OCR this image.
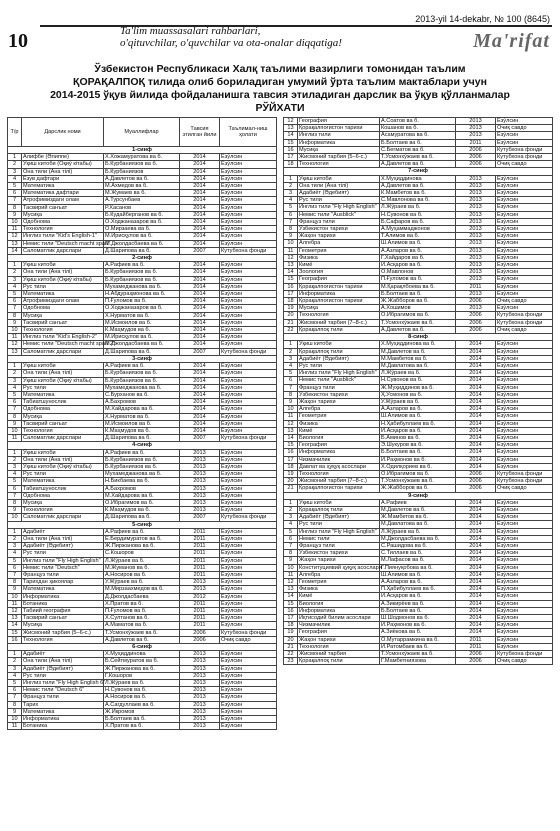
2013-yil 14-dekabr, № 100 (8645)
10	Ta'lim muassasalari rahbarlari,
o'qituvchilar, o'quvchilar va ota-onalar diqqatiga!	Ma'rifat
Ўзбекистон Республикаси Халқ таълими вазирлиги томонидан таълим
ҚОРАҚАЛПОҚ тилида олиб бориладиган умумий ўрта таълим мактаблари учун
2014-2015 ўқув йилида фойдаланишга тавсия этиладиган дарслик ва ўқув қўлланмалар
РЎЙХАТИ
Т/р	Дарслик номи	Муаллифлар	Тавсия этилган йили	Таълимал-ниш ҳолати
1-синф				
1	Алифбе (Әлиппе)	Х.Хожамуратова ва б.	2014	Ёзўлсин
2	Ўқиш китоби (Оқиў кітабы)	Б.Курбаниязов ва б.	2014	Ёзўлсин
3	Она тили (Ана тілі)	Б.Курбаниязов	2014	Ёзўлсин
4	Ёзув дафтари	А.Давлетов ва б.	2014	Ёзўлсин
5	Математика	М.Ахмедов ва б.	2014	Ёзўлсин
6	Математика дафтари	М.Жумаев ва б.	2014	Ёзўлсин
7	Атрофимиздаги олам	А.Турсунбаев	2014	Ёзўлсин
8	Тасвирий санъат	Р.Хасанов	2014	Ёзўлсин
9	Мусиқа	Б.Кудайберганов ва б.	2014	Ёзўлсин
10	Одобнома	О.Ходжаназаров ва б.	2014	Ёзўлсин
11	Технология	О.Мирзаева ва б.	2014	Ёзўлсин
12	Инглиз тили "Kid's English-1"	М.Ирисқулов ва б.	2014	Ёзўлсин
13	Немис тили "Deutsch macht spaß"	М.Джолдасбаева ва б.	2014	Ёзўлсин
14	Саломатлик дарслари	Д.Шарипова ва б.	2007	Кутубхона фонди
2-синф				
1	Ўқиш китоби	А.Рафиев ва б.	2014	Ёзўлсин
2	Она тили (Ана тілі)	Б.Курбаниязов ва б.	2014	Ёзўлсин
3	Ўқиш китоби (Оқиў кітабы)	Б.Курбаниязов ва б.	2014	Ёзўлсин
4	Рус тили	Мухамеджанова ва б.	2014	Ёзўлсин
5	Математика	Н.Абдураҳмонова ва б.	2014	Ёзўлсин
6	Атрофимиздаги олам	П.Ғуломов ва б.	2014	Ёзўлсин
7	Одобнома	О.Ходжаназаров ва б.	2014	Ёзўлсин
8	Мусиқа	Х.Нурматов ва б.	2014	Ёзўлсин
9	Тасвирий санъат	М.Исмоилов ва б.	2014	Ёзўлсин
10	Технология	К.Маҳмудов ва б.	2014	Ёзўлсин
11	Инглиз тили "Kid's English-2"	М.Ирисқулов ва б.	2014	Ёзўлсин
12	Немис тили "Deutsch macht spaß 2"	М.Джолдасбаева ва б.	2014	Ёзўлсин
13	Саломатлик дарслари	Д.Шарипова ва б.	2007	Кутубхона фонди
3-синф				
1	Ўқиш китоби	А.Рафиев ва б.	2014	Ёзўлсин
2	Она тили (Ана тілі)	Б.Курбаниязов ва б.	2014	Ёзўлсин
3	Ўқиш китоби (Оқиў кітабы)	Б.Курбаниязов ва б.	2014	Ёзўлсин
4	Рус тили	Мухамеджанова ва б.	2014	Ёзўлсин
5	Математика	С.Бурханов ва б.	2014	Ёзўлсин
6	Табиатшунослик	А.Бахромов	2014	Ёзўлсин
7	Одобнома	М.Хайдарова ва б.	2014	Ёзўлсин
8	Мусиқа	Х.Нурматов ва б.	2014	Ёзўлсин
9	Тасвирий санъат	М.Исмоилов ва б.	2014	Ёзўлсин
10	Технология	К.Маҳмудов ва б.	2014	Ёзўлсин
11	Саломатлик дарслари	Д.Шарипова ва б.	2007	Кутубхона фонди
4-синф				
1	Ўқиш китоби	А.Рафиев ва б.	2013	Ёзўлсин
2	Она тили (Ана тілі)	Б.Курбаниязов ва б.	2013	Ёзўлсин
3	Ўқиш китоби (Оқиў кітабы)	Б.Курбаниязов ва б.	2013	Ёзўлсин
4	Рус тили	Мухамеджанова ва б.	2013	Ёзўлсин
5	Математика	Н.Бикбаева ва б.	2013	Ёзўлсин
6	Табиатшунослик	А.Бахромов	2013	Ёзўлсин
7	Одобнома	М.Хайдарова ва б.	2013	Ёзўлсин
8	Мусиқа	О.Ибрагимов ва б.	2013	Ёзўлсин
9	Технология	К.Маҳмудов ва б.	2013	Ёзўлсин
10	Саломатлик дарслари	Д.Шарипова ва б.	2007	Кутубхона фонди
5-синф				
1	Адабиёт	А.Рафиев ва б.	2011	Ёзўлсин
2	Она тили (Ана тілі)	Е.Бердимуратов ва б.	2011	Ёзўлсин
3	Адабиёт (Әдебият)	Ж.Пиржанова ва б.	2011	Ёзўлсин
4	Рус тили	С.Кошоров	2011	Ёзўлсин
5	Инглиз тили "Fly High English"	Л.Жўраев ва б.	2011	Ёзўлсин
6	Немис тили "Deutsch"	М.Жуманов ва б.	2011	Ёзўлсин
7	Француз тили	А.Носиров ва б.	2011	Ёзўлсин
8	Тарихдан ҳикоялар	У.Жўраев ва б.	2013	Ёзўлсин
9	Математика	М.Мирзаахмедов ва б.	2013	Ёзўлсин
10	Информатика	Д.Джолдасбаева	2012	Ёзўлсин
11	Ботаника	Х.Пратов ва б.	2011	Ёзўлсин
12	Табиий география	П.Ғуломов ва б.	2011	Ёзўлсин
13	Тасвирий санъат	Х.Султанов ва б.	2011	Ёзўлсин
14	Мусиқа	А.Маматов ва б.	2011	Ёзўлсин
15	Жисмоний тарбия (5–6-с.)	Т.Усмонхўжаев ва б.	2006	Кутубхона фонди
16	Технология	А.Давлетов ва б.	2006	Очиқ савдо
6-синф				
1	Адабиёт	Х.Муҳиддинова	2013	Ёзўлсин
2	Она тили (Ана тілі)	Б.Сейтмуратов ва б.	2013	Ёзўлсин
3	Адабиёт (Әдебият)	Ж.Пиржанова ва б.	2013	Ёзўлсин
4	Рус тили	Г.Кошоров	2013	Ёзўлсин
5	Инглиз тили "Fly High English 6"	Л.Жўраев ва б.	2013	Ёзўлсин
6	Немис тили "Deutsch 6"	Н.Сувонов ва б.	2013	Ёзўлсин
7	Француз тили	А.Носиров ва б.	2013	Ёзўлсин
8	Тарих	А.Сагдуллаев ва б.	2013	Ёзўлсин
9	Математика	Ж.Икромов	2013	Ёзўлсин
10	Информатика	Б.Болтаев ва б.	2013	Ёзўлсин
11	Ботаника	Х.Пратов ва б.	2013	Ёзўлсин
12	География	А.Соатов ва б.	2013	Ёзўлсин
13	Қорақалпоғистон тарихи	Кошанов ва б.	2013	Очиқ савдо
14	Инглиз тили	Асамуратова ва б.	2013	Ёзўлсин
15	Информатика	Б.Болтаев ва б.	2011	Ёзўлсин
16	Мусиқа	С.Бегматов ва б.	2006	Кутубхона фонди
17	Жисмоний тарбия (5–6-с.)	Т.Усмонхўжаев ва б.	2006	Кутубхона фонди
18	Технология	А.Давлетов ва б.	2006	Очиқ савдо
7-синф				
1	Ўқиш китоби	Х.Муҳиддинова	2013	Ёзўлсин
2	Она тили (Ана тілі)	А.Давлетов ва б.	2013	Ёзўлсин
3	Адабиёт (Әдебият)	К.Мамбетов ва б.	2013	Ёзўлсин
4	Рус тили	С.Мавлонова ва б.	2013	Ёзўлсин
5	Инглиз тили "Fly High English"	Л.Жўраев ва б.	2013	Ёзўлсин
6	Немис тили "Аusblick"	Н.Сувонов ва б.	2013	Ёзўлсин
7	Француз тили	Б.Сафаров ва б.	2013	Ёзўлсин
8	Ўзбекистон тарихи	А.Муҳаммаджонов	2013	Ёзўлсин
9	Жаҳон тарихи	Т.Алимов ва б.	2013	Ёзўлсин
10	Алгебра	Ш.Алимов ва б.	2013	Ёзўлсин
11	Геометрия	А.Азларов ва б.	2013	Ёзўлсин
12	Физика	Г.Хайдаров ва б.	2013	Ёзўлсин
13	Кимё	И.Асқаров ва б.	2013	Ёзўлсин
14	Зоология	О.Мавлонов	2013	Ёзўлсин
15	География	П.Ғуломов ва б.	2013	Ёзўлсин
16	Қорақалпоғистон тарихи	М.Қарақлбоева ва б.	2011	Ёзўлсин
17	Информатика	Б.Болтаев ва б.	2013	Ёзўлсин
18	Қорақалпоғистон тарихи	Ж.Жабборов ва б.	2006	Очиқ савдо
19	Мусиқа	А.Хошимов	2013	Ёзўлсин
20	Технология	О.Ибрагимов ва б.	2006	Кутубхона фонди
21	Жисмоний тарбия (7–8-с.)	Т.Усмонхўжаев ва б.	2006	Кутубхона фонди
22	Қорақалпоқ тили	А.Давлетов ва б.	2006	Очиқ савдо
8-синф				
1	Ўқиш китоби	Х.Муҳиддинова ва б.	2014	Ёзўлсин
2	Қорақалпоқ тили	М.Давлетов ва б.	2014	Ёзўлсин
3	Адабиёт (Әдебият)	М.Мамбетов ва б.	2014	Ёзўлсин
4	Рус тили	М.Давлатова ва б.	2014	Ёзўлсин
5	Инглиз тили "Fly High English"	Л.Жўраев ва б.	2014	Ёзўлсин
6	Немис тили "Аusblick"	Н.Сувонов ва б.	2014	Ёзўлсин
7	Француз тили	Ж.Муҳиддинов ва б.	2014	Ёзўлсин
8	Ўзбекистон тарихи	Ҳ.Усмонов ва б.	2014	Ёзўлсин
9	Жаҳон тарихи	У.Жўраев ва б.	2014	Ёзўлсин
10	Алгебра	А.Азларов ва б.	2014	Ёзўлсин
11	Геометрия	Ш.Алимов ва б.	2014	Ёзўлсин
12	Физика	Н.Ҳабибуллаев ва б.	2014	Ёзўлсин
13	Кимё	И.Асқаров ва б.	2014	Ёзўлсин
14	Биология	Б.Аминов ва б.	2014	Ёзўлсин
15	География	Э.Шукуров ва б.	2014	Ёзўлсин
16	Информатика	Б.Болтаев ва б.	2014	Ёзўлсин
17	Чизмачилик	И.Раҳмонов ва б.	2014	Ёзўлсин
18	Давлат ва ҳуқуқ асослари	Х.Одилқориев ва б.	2014	Ёзўлсин
19	Технология	О.Ибрагимов ва б.	2006	Кутубхона фонди
20	Жисмоний тарбия (7–8-с.)	Т.Усмонхўжаев ва б.	2006	Кутубхона фонди
21	Қорақалпоғистон тарихи	Ж.Жабборов ва б.	2006	Очиқ савдо
9-синф				
1	Ўқиш китоби	А.Рафиев	2014	Ёзўлсин
2	Қорақалпоқ тили	М.Давлетов ва б.	2014	Ёзўлсин
3	Адабиёт (Әдебият)	Ж.Мамбетов ва б.	2014	Ёзўлсин
4	Рус тили	М.Давлатова ва б.	2014	Ёзўлсин
5	Инглиз тили "Fly High English"	Л.Жўраев ва б.	2014	Ёзўлсин
6	Немис тили	М.Джолдасбаева ва б.	2014	Ёзўлсин
7	Француз тили	С.Рашидова ва б.	2014	Ёзўлсин
8	Ўзбекистон тарихи	С.Тиллаев ва б.	2014	Ёзўлсин
9	Жаҳон тарихи	М.Лафасов ва б.	2014	Ёзўлсин
10	Конституциявий ҳуқуқ асослари	Г.Пиянуқобова ва б.	2014	Ёзўлсин
11	Алгебра	Ш.Алимов ва б.	2014	Ёзўлсин
12	Геометрия	А.Азларов ва б.	2014	Ёзўлсин
13	Физика	П.Ҳабибуллаев ва б.	2014	Ёзўлсин
14	Кимё	И.Асқаров ва б.	2014	Ёзўлсин
15	Биология	А.Зикирёев ва б.	2014	Ёзўлсин
16	Информатика	Б.Болтаев ва б.	2014	Ёзўлсин
17	Иқтисодий билим асослари	Ш.Шодмонов ва б.	2014	Ёзўлсин
18	Чизмачилик	И.Раҳмонов ва б.	2014	Ёзўлсин
19	География	А.Зиёкова ва б.	2014	Ёзўлсин
20	Жаҳон тарихи	О.Мутаррамкина ва б.	2011	Ёзўлсин
21	Технология	И.Ратомбаев ва б.	2011	Ёзўлсин
22	Жисмоний тарбия	Т.Усмонхўжаев ва б.	2006	Кутубхона фонди
23	Қорақалпоқ тили	Г.Мамбетниязова	2006	Очиқ савдо
